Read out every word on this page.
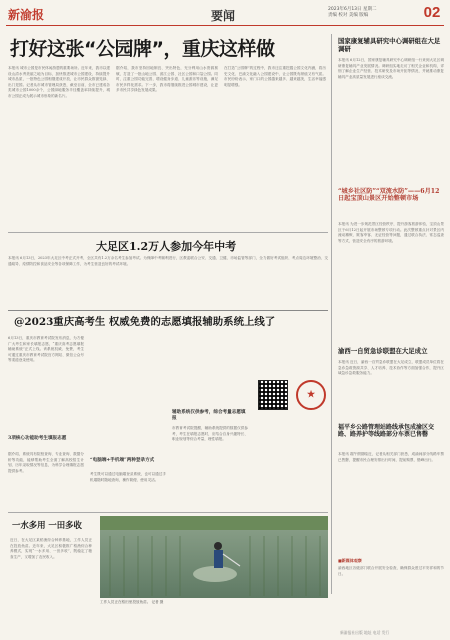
新渝报	要闻	2023年6月13日 星期二
责编 校对 美编 版编	02
打好这张“公园牌”，重庆这样做
本报讯 城市公园是市民休闲游憩的重要场所。近年来，我市以建设山清水秀美丽之地为目标，加快推进城市公园建设，持续提升城市品质，一批特色公园相继建成开放，让市民群众推窗见绿、出门见园。记者从市城市管理局获悉，截至目前，全市已建成各类城市公园1000余个，公园绿地服务半径覆盖率持续提升，城市公园正成为展示城市形象的新名片。
据介绍，我市坚持因地制宜、突出特色，充分利用山水资源禀赋，打造了一批山地公园、滨江公园、社区公园和口袋公园。同时，注重公园功能完善，增设健身步道、儿童游乐等设施，满足市民多样化需求。下一步，我市将继续推进公园城市建设，让更多市民共享绿色发展成果。
在打造“公园牌”的过程中，我市还注重挖掘公园文化内涵，将历史文化、巴渝文化融入公园建设中，让公园既有颜值又有气质。市民纷纷表示，家门口的公园越来越多、越来越美，生活幸福感明显增强。
国家康复辅具研究中心调研组在大足调研
本报讯 6月12日，国家康复辅具研究中心调研组一行来到大足区调研康复辅具产业发展情况。调研组实地走访了相关企业和机构，详细了解企业生产经营、技术研发及市场开拓等情况，并就推动康复辅具产业高质量发展进行座谈交流。
“城乡社区防”“双流水防”——6月12日起宝顶山景区开始整顿市场
本报讯 为进一步规范景区经营秩序，提升游客旅游体验，宝顶山景区于6月12日起开展市场整顿专项行动。此次整顿重点针对景区内流动摊贩、欺客宰客、无证经营等问题，通过联合执法、常态巡查等方式，营造安全有序的旅游环境。
渝西一自贸急诊联盟在大足成立
本报讯 近日，渝西一自贸急诊联盟在大足成立，联盟成员单位将在急诊急救资源共享、人才培养、技术协作等方面加强合作，提升区域急诊急救服务能力。
福平乡公路管理站路线承包成渝区交路、路养护等线路部分车票已售罄
本报讯 端午假期临近，记者从相关部门获悉，成渝间部分线路车票已售罄，提醒市民合理安排出行时间，提前购票，错峰出行。
■新媒体观察
渝西地区各级部门联合开展安全检查，确保群众度过平安祥和的节日。
大足区1.2万人参加今年中考
本报讯 6月13日，2023年大足区中考正式开考，全区共有1.2万余名考生参加考试。为保障中考顺利进行，区教委联合公安、交通、卫健、市场监管等部门，全力做好考试组织、考点周边环境整治、交通疏导、疫情防控和食品安全等各项保障工作，为考生营造良好的考试环境。
@2023重庆高考生 权威免费的志愿填报辅助系统上线了
6月13日，重庆市教育考试院发布消息，为方便广大考生和家长填报志愿，“重庆高考志愿填报辅助系统”正式上线。该系统权威、免费，考生可通过重庆市教育考试院官方网站、微信公众号等渠道登录使用。
3项核心功能助考生填报志愿
据介绍，系统具有院校查询、专业查询、数据分析等功能，能够帮助考生全面了解高校招生计划、历年录取情况等信息，为科学合理填报志愿提供参考。
“电脑端+手机端”两种登录方式
考生既可以通过电脑端登录系统，也可以通过手机端随时随地查询，操作简便、使用灵活。
辅助系统仅供参考，综合考量志愿填报
市教育考试院提醒，辅助系统提供的数据仅供参考，考生在填报志愿时，应结合自身兴趣特长、职业规划等综合考量，理性填报。
★
一水多用 一田多收
近日，在大足区某稻渔综合种养基地，工作人员正在投放鱼苗。近年来，大足区积极推广稻渔综合种养模式，实现“一水多用、一田多收”，既稳定了粮食生产，又增加了农民收入。
工作人员正在稻田里投放鱼苗。 记者 摄
新渝报社出版 地址 电话 发行
